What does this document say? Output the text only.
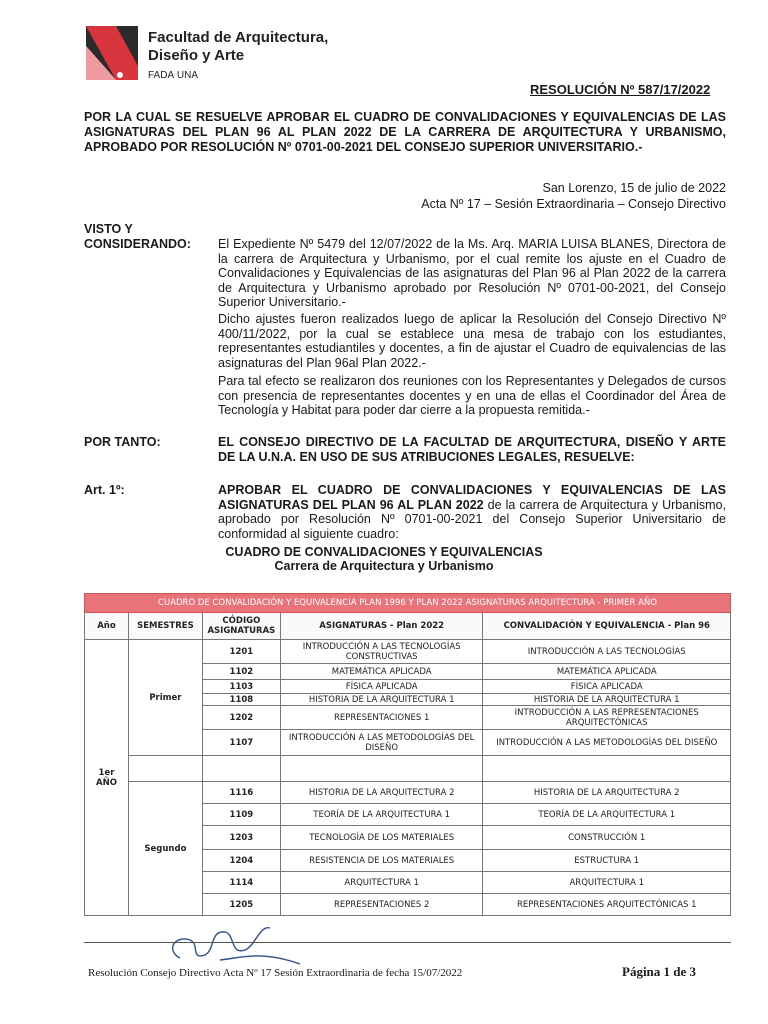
Facultad de Arquitectura,
Diseño y Arte
FADA UNA
RESOLUCIÓN Nº 587/17/2022
POR LA CUAL SE RESUELVE APROBAR EL CUADRO DE CONVALIDACIONES Y EQUIVALENCIAS DE LAS ASIGNATURAS DEL PLAN 96 AL PLAN 2022 DE LA CARRERA DE ARQUITECTURA Y URBANISMO, APROBADO POR RESOLUCIÓN Nº 0701-00-2021 DEL CONSEJO SUPERIOR UNIVERSITARIO.-
San Lorenzo, 15 de julio de 2022
Acta Nº 17 – Sesión Extraordinaria – Consejo Directivo
VISTO Y
CONSIDERANDO: El Expediente Nº 5479 del 12/07/2022 de la Ms. Arq. MARIA LUISA BLANES, Directora de la carrera de Arquitectura y Urbanismo, por el cual remite los ajuste en el Cuadro de Convalidaciones y Equivalencias de las asignaturas del Plan 96 al Plan 2022 de la carrera de Arquitectura y Urbanismo aprobado por Resolución Nº 0701-00-2021, del Consejo Superior Universitario.-
Dicho ajustes fueron realizados luego de aplicar la Resolución del Consejo Directivo Nº 400/11/2022, por la cual se establece una mesa de trabajo con los estudiantes, representantes estudiantiles y docentes, a fin de ajustar el Cuadro de equivalencias de las asignaturas del Plan 96al Plan 2022.-
Para tal efecto se realizaron dos reuniones con los Representantes y Delegados de cursos con presencia de representantes docentes y en una de ellas el Coordinador del Área de Tecnología y Habitat para poder dar cierre a la propuesta remitida.-
POR TANTO:	EL CONSEJO DIRECTIVO DE LA FACULTAD DE ARQUITECTURA, DISEÑO Y ARTE DE LA U.N.A. EN USO DE SUS ATRIBUCIONES LEGALES, RESUELVE:
Art. 1º:	APROBAR EL CUADRO DE CONVALIDACIONES Y EQUIVALENCIAS DE LAS ASIGNATURAS DEL PLAN 96 AL PLAN 2022 de la carrera de Arquitectura y Urbanismo, aprobado por Resolución Nº 0701-00-2021 del Consejo Superior Universitario de conformidad al siguiente cuadro:
CUADRO DE CONVALIDACIONES Y EQUIVALENCIAS
Carrera de Arquitectura y Urbanismo
CUADRO DE CONVALIDACIÓN Y EQUIVALENCIA PLAN 1996 Y PLAN 2022 ASIGNATURAS ARQUITECTURA - PRIMER AÑO				
Año	SEMESTRES	CÓDIGO ASIGNATURAS	ASIGNATURAS - Plan 2022	CONVALIDACIÓN Y EQUIVALENCIA - Plan 96
1er AÑO	Primer	1201	INTRODUCCIÓN A LAS TECNOLOGÍAS CONSTRUCTIVAS	INTRODUCCIÓN A LAS TECNOLOGÍAS
		1102	MATEMÁTICA APLICADA	MATEMÁTICA APLICADA
		1103	FÍSICA APLICADA	FÍSICA APLICADA
		1108	HISTORIA DE LA ARQUITECTURA 1	HISTORIA DE LA ARQUITECTURA 1
		1202	REPRESENTACIONES 1	INTRODUCCIÓN A LAS REPRESENTACIONES ARQUITECTÓNICAS
		1107	INTRODUCCIÓN A LAS METODOLOGÍAS DEL DISEÑO	INTRODUCCIÓN A LAS METODOLOGÍAS DEL DISEÑO

	Segundo	1116	HISTORIA DE LA ARQUITECTURA 2	HISTORIA DE LA ARQUITECTURA 2
		1109	TEORÍA DE LA ARQUITECTURA 1	TEORÍA DE LA ARQUITECTURA 1
		1203	TECNOLOGÍA DE LOS MATERIALES	CONSTRUCCIÓN 1
		1204	RESISTENCIA DE LOS MATERIALES	ESTRUCTURA 1
		1114	ARQUITECTURA 1	ARQUITECTURA 1
		1205	REPRESENTACIONES 2	REPRESENTACIONES ARQUITECTÓNICAS 1
Resolución Consejo Directivo Acta Nº 17 Sesión Extraordinaria de fecha 15/07/2022	Página 1 de 3
